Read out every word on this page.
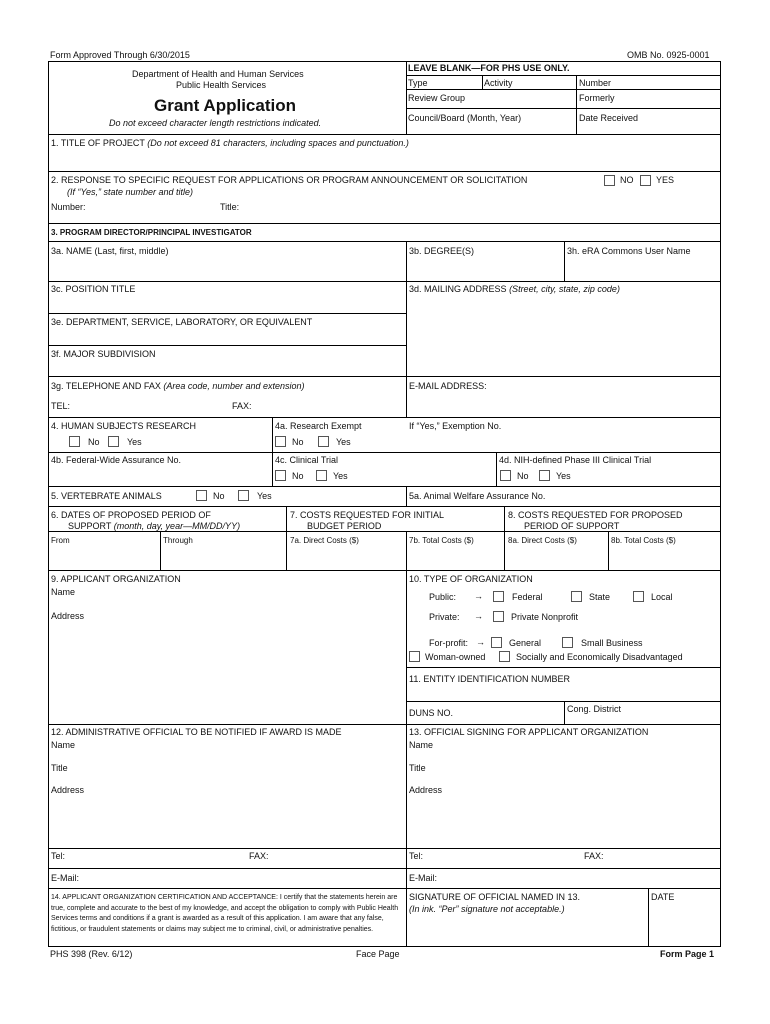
Form Approved Through 6/30/2015	OMB No. 0925-0001
Department of Health and Human Services
Public Health Services
Grant Application
Do not exceed character length restrictions indicated.
LEAVE BLANK—FOR PHS USE ONLY.
Type	Activity	Number
Review Group	Formerly
Council/Board (Month, Year)	Date Received
1. TITLE OF PROJECT (Do not exceed 81 characters, including spaces and punctuation.)
2. RESPONSE TO SPECIFIC REQUEST FOR APPLICATIONS OR PROGRAM ANNOUNCEMENT OR SOLICITATION	NO	YES
(If “Yes,” state number and title)
Number:	Title:
3. PROGRAM DIRECTOR/PRINCIPAL INVESTIGATOR
3a. NAME (Last, first, middle)	3b. DEGREE(S)	3h. eRA Commons User Name
3c. POSITION TITLE	3d. MAILING ADDRESS (Street, city, state, zip code)
3e. DEPARTMENT, SERVICE, LABORATORY, OR EQUIVALENT
3f. MAJOR SUBDIVISION
3g. TELEPHONE AND FAX (Area code, number and extension)	E-MAIL ADDRESS:
TEL:	FAX:
4. HUMAN SUBJECTS RESEARCH
No	Yes
4a. Research Exempt
No	Yes
If “Yes,” Exemption No.
4b. Federal-Wide Assurance No.	4c. Clinical Trial
No	Yes
4d. NIH-defined Phase III Clinical Trial
No	Yes
5. VERTEBRATE ANIMALS	No	Yes	5a. Animal Welfare Assurance No.
6. DATES OF PROPOSED PERIOD OF
SUPPORT (month, day, year—MM/DD/YY)
7. COSTS REQUESTED FOR INITIAL
BUDGET PERIOD
8. COSTS REQUESTED FOR PROPOSED
PERIOD OF SUPPORT
From	Through	7a. Direct Costs ($)	7b. Total Costs ($)	8a. Direct Costs ($)	8b. Total Costs ($)
9. APPLICANT ORGANIZATION
Name
Address
10. TYPE OF ORGANIZATION
Public: →	Federal	State	Local
Private: →	Private Nonprofit
For-profit: →	General	Small Business
Woman-owned	Socially and Economically Disadvantaged
11. ENTITY IDENTIFICATION NUMBER
DUNS NO.	Cong. District
12. ADMINISTRATIVE OFFICIAL TO BE NOTIFIED IF AWARD IS MADE
Name
Title
Address
Tel:	FAX:
E-Mail:
13. OFFICIAL SIGNING FOR APPLICANT ORGANIZATION
Name
Title
Address
Tel:	FAX:
E-Mail:
14. APPLICANT ORGANIZATION CERTIFICATION AND ACCEPTANCE: I certify that the statements herein are true, complete and accurate to the best of my knowledge, and accept the obligation to comply with Public Health Services terms and conditions if a grant is awarded as a result of this application. I am aware that any false, fictitious, or fraudulent statements or claims may subject me to criminal, civil, or administrative penalties.
SIGNATURE OF OFFICIAL NAMED IN 13.
(In ink. “Per” signature not acceptable.)
DATE
PHS 398 (Rev. 6/12)	Face Page	Form Page 1
